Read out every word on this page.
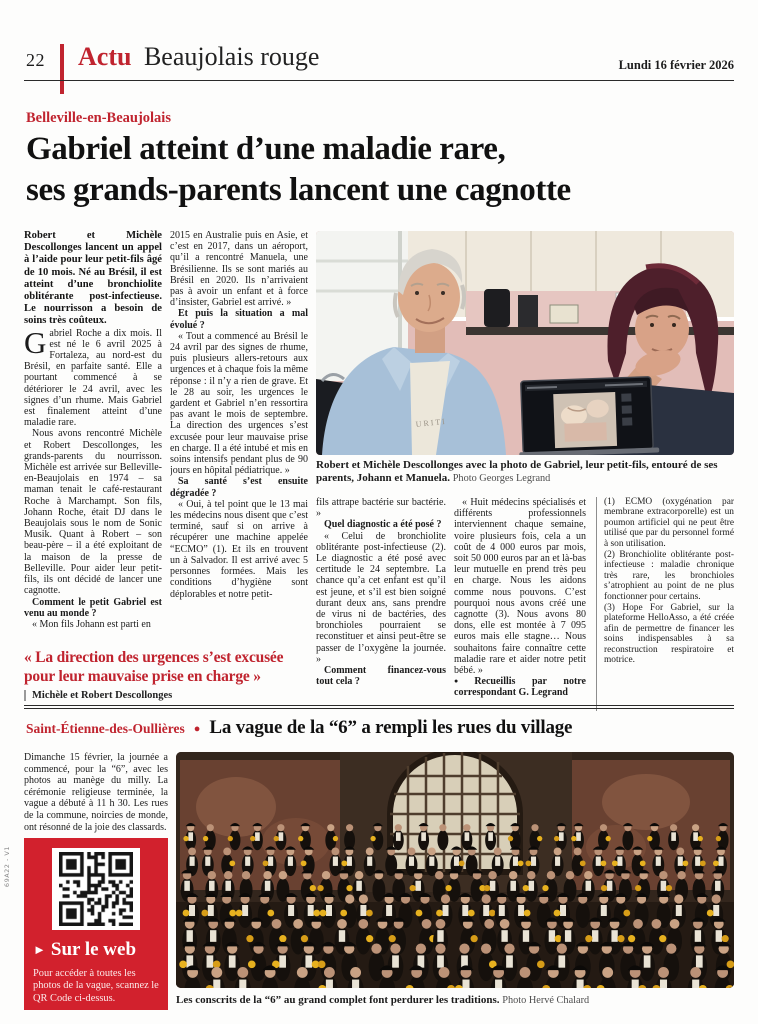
22 Actu Beaujolais rouge	Lundi 16 février 2026
Belleville-en-Beaujolais
Gabriel atteint d’une maladie rare,
ses grands-parents lancent une cagnotte

Robert et Michèle Descollonges lancent un appel à l’aide pour leur petit-fils âgé de 10 mois. Né au Brésil, il est atteint d’une bronchiolite oblitérante post-infectieuse. Le nourrisson a besoin de soins très coûteux.

Gabriel Roche a dix mois. Il est né le 6 avril 2025 à Fortaleza, au nord-est du Brésil, en parfaite santé. Elle a pourtant commencé à se détériorer le 24 avril, avec les signes d’un rhume. Mais Gabriel est finalement atteint d’une maladie rare.

Nous avons rencontré Michèle et Robert Descollonges, les grands-parents du nourrisson. Michèle est arrivée sur Belleville-en-Beaujolais en 1974 – sa maman tenait le café-restaurant Roche à Marchampt. Son fils, Johann Roche, était DJ dans le Beaujolais sous le nom de Sonic Musik. Quant à Robert – son beau-père – il a été exploitant de la maison de la presse de Belleville. Pour aider leur petit-fils, ils ont décidé de lancer une cagnotte.

Comment le petit Gabriel est venu au monde ?

« Mon fils Johann est parti en

2015 en Australie puis en Asie, et c’est en 2017, dans un aéroport, qu’il a rencontré Manuela, une Brésilienne. Ils se sont mariés au Brésil en 2020. Ils n’arrivaient pas à avoir un enfant et à force d’insister, Gabriel est arrivé. »

Et puis la situation a mal évolué ?

« Tout a commencé au Brésil le 24 avril par des signes de rhume, puis plusieurs allers-retours aux urgences et à chaque fois la même réponse : il n’y a rien de grave. Et le 28 au soir, les urgences le gardent et Gabriel n’en ressortira pas avant le mois de septembre. La direction des urgences s’est excusée pour leur mauvaise prise en charge. Il a été intubé et mis en soins intensifs pendant plus de 90 jours en hôpital pédiatrique. »

Sa santé s’est ensuite dégradée ?

« Oui, à tel point que le 13 mai les médecins nous disent que c’est terminé, sauf si on arrive à récupérer une machine appelée “ECMO” (1). Et ils en trouvent un à Salvador. Il est arrivé avec 5 personnes formées. Mais les conditions d’hygiène sont déplorables et notre petit-

U R I T I
Robert et Michèle Descollonges avec la photo de Gabriel, leur petit-fils, entouré de ses parents, Johann et Manuela. Photo Georges Legrand

fils attrape bactérie sur bactérie. »

Quel diagnostic a été posé ?

« Celui de bronchiolite oblitérante post-infectieuse (2). Le diagnostic a été posé avec certitude le 24 septembre. La chance qu’a cet enfant est qu’il est jeune, et s’il est bien soigné durant deux ans, sans prendre de virus ni de bactéries, des bronchioles pourraient se reconstituer et ainsi peut-être se passer de l’oxygène la journée. »

Comment financez-vous tout cela ?

« Huit médecins spécialisés et différents professionnels interviennent chaque semaine, voire plusieurs fois, cela a un coût de 4 000 euros par mois, soit 50 000 euros par an et là-bas leur mutuelle en prend très peu en charge. Nous les aidons comme nous pouvons. C’est pourquoi nous avons créé une cagnotte (3). Nous avons 80 dons, elle est montée à 7 095 euros mais elle stagne… Nous souhaitons faire connaître cette maladie rare et aider notre petit bébé. »

● Recueillis par notre correspondant G. Legrand

(1) ECMO (oxygénation par membrane extracorporelle) est un poumon artificiel qui ne peut être utilisé que par du personnel formé à son utilisation.

(2) Bronchiolite oblitérante post-infectieuse : maladie chronique très rare, les bronchioles s’atrophient au point de ne plus fonctionner pour certains.

(3) Hope For Gabriel, sur la plateforme HelloAsso, a été créée afin de permettre de financer les soins indispensables à sa reconstruction respiratoire et motrice.

« La direction des urgences s’est excusée pour leur mauvaise prise en charge »
Michèle et Robert Descollonges
Saint-Étienne-des-Oullières ● La vague de la “6” a rempli les rues du village
Dimanche 15 février, la journée a commencé, pour la “6”, avec les photos au manège du milly. La cérémonie religieuse terminée, la vague a débuté à 11 h 30. Les rues de la commune, noircies de monde, ont résonné de la joie des classards.
► Sur le web
Pour accéder à toutes les photos de la vague, scannez le QR Code ci-dessus.	Les conscrits de la “6” au grand complet font perdurer les traditions. Photo Hervé Chalard
69A22 - V1
